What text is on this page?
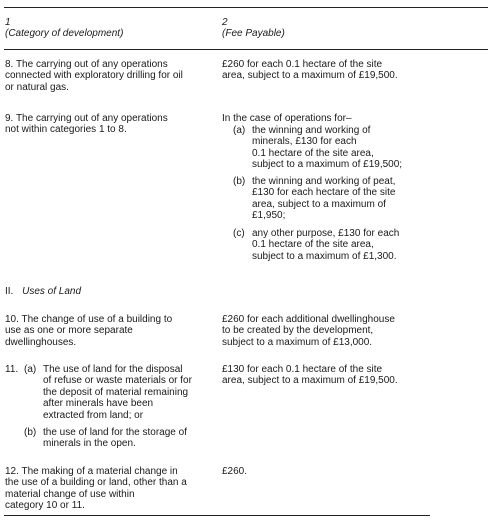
1
(Category of development)
2
(Fee Payable)
8. The carrying out of any operations
connected with exploratory drilling for oil
or natural gas.
£260 for each 0.1 hectare of the site
area, subject to a maximum of £19,500.
9. The carrying out of any operations
not within categories 1 to 8.
In the case of operations for–
(a) the winning and working of
minerals, £130 for each
0.1 hectare of the site area,
subject to a maximum of £19,500;
(b) the winning and working of peat,
£130 for each hectare of the site
area, subject to a maximum of
£1,950;
(c) any other purpose, £130 for each
0.1 hectare of the site area,
subject to a maximum of £1,300.
II. Uses of Land
10. The change of use of a building to
use as one or more separate
dwellinghouses.
£260 for each additional dwellinghouse
to be created by the development,
subject to a maximum of £13,000.
11. (a) The use of land for the disposal
of refuse or waste materials or for
the deposit of material remaining
after minerals have been
extracted from land; or
(b) the use of land for the storage of
minerals in the open.
£130 for each 0.1 hectare of the site
area, subject to a maximum of £19,500.
12. The making of a material change in
the use of a building or land, other than a
material change of use within
category 10 or 11.
£260.
